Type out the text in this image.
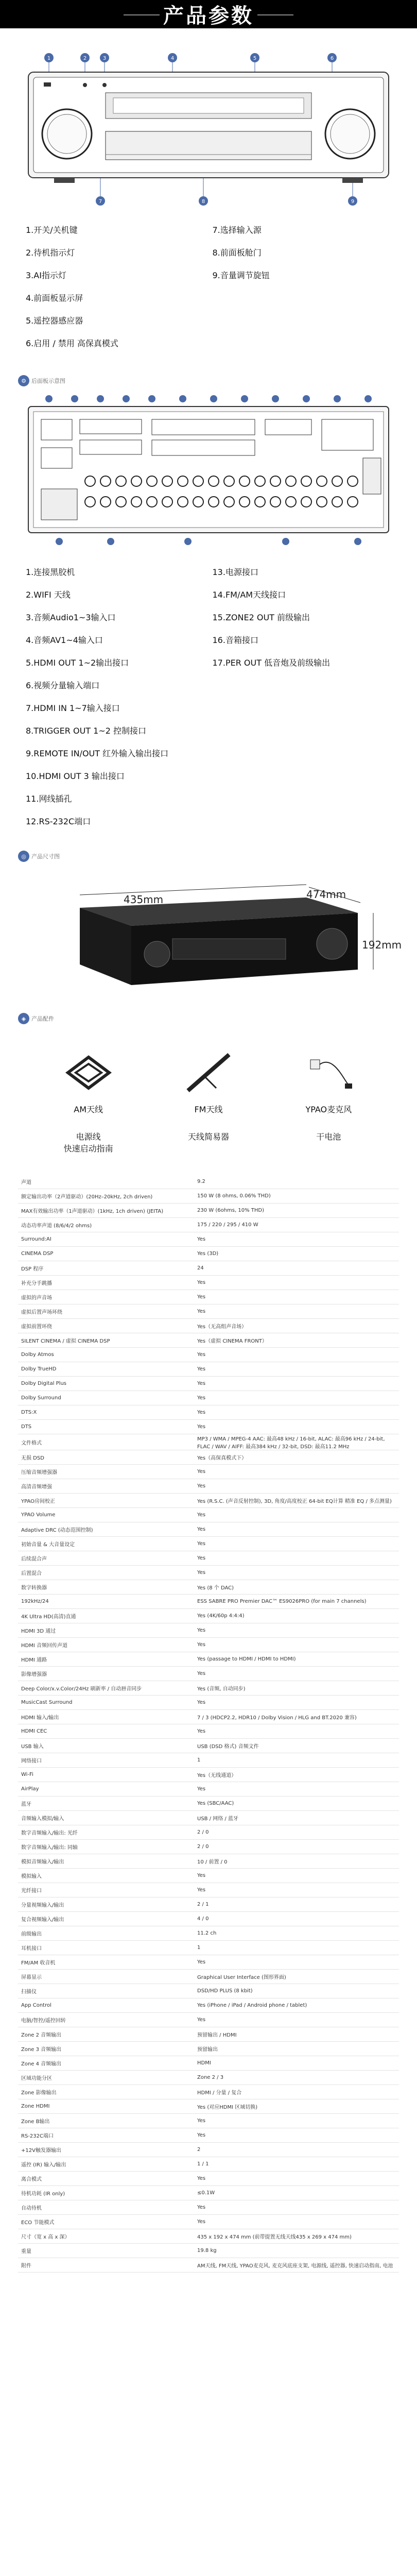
产品参数
1	2	3	4	5	6
7	8	9
1.开关/关机键
2.待机指示灯
3.AI指示灯
4.前面板显示屏
5.遥控器感应器
6.启用 / 禁用 高保真模式
7.选择输入源
8.前面板舱门
9.音量调节旋钮
⚙ 后面板示意图
1.连接黑胶机
2.WIFI 天线
3.音频Audio1~3输入口
4.音频AV1~4输入口
5.HDMI OUT 1~2输出接口
6.视频分量输入端口
7.HDMI IN 1~7输入接口
8.TRIGGER OUT 1~2 控制接口
9.REMOTE IN/OUT 红外输入输出接口
10.HDMI OUT 3 输出接口
11.网线插孔
12.RS-232C端口
13.电源接口
14.FM/AM天线接口
15.ZONE2 OUT 前级输出
16.音箱接口
17.PER OUT 低音炮及前级输出
◎ 产品尺寸图
435mm	474mm
192mm
◈ 产品配件
AM天线
电源线
快速启动指南
FM天线
天线简易器
YPAO麦克风
干电池
声道	9.2
额定输出功率（2声道驱动）(20Hz–20kHz, 2ch driven)	150 W (8 ohms, 0.06% THD)
MAX有效输出功率（1声道驱动）(1kHz, 1ch driven) (JEITA)	230 W (6ohms, 10% THD)
动态功率声道 (8/6/4/2 ohms)	175 / 220 / 295 / 410 W
Surround:AI	Yes
CINEMA DSP	Yes (3D)
DSP 程序	24
补充分手跳播	Yes
虚拟的声音场	Yes
虚拟后置声场环绕	Yes
虚拟前置环绕	Yes（无高组声音场）
SILENT CINEMA / 虚拟 CINEMA DSP	Yes（虚拟 CINEMA FRONT）
Dolby Atmos	Yes
Dolby TrueHD	Yes
Dolby Digital Plus	Yes
Dolby Surround	Yes
DTS:X	Yes
DTS	Yes
文件格式	MP3 / WMA / MPEG-4 AAC: 最高48 kHz / 16-bit, ALAC: 最高96 kHz / 24-bit, FLAC / WAV / AIFF: 最高384 kHz / 32-bit, DSD: 最高11.2 MHz
无损 DSD	Yes（高保真模式下）
压缩音频增强器	Yes
高清音频增强	Yes
YPAO房间校正	Yes (R.S.C. (声音反射控制), 3D, 角度/高度校正 64-bit EQ计算 精准 EQ / 多点测量)
YPAO Volume	Yes
Adaptive DRC (动态范围控制)	Yes
初始音量 & 大音量设定	Yes
后续混合声	Yes
后置混合	Yes
数字转换器	Yes (8 个 DAC)
192kHz/24	ESS SABRE PRO Premier DAC™ ES9026PRO (for main 7 channels)
4K Ultra HD(高清)直通	Yes (4K/60p 4:4:4)
HDMI 3D 通过	Yes
HDMI 音频回传声道	Yes
HDMI 通路	Yes (passage to HDMI / HDMI to HDMI)
影像增强器	Yes
Deep Color/x.v.Color/24Hz 刷新率 / 自动唇音同步	Yes (音频, 自动同步)
MusicCast Surround	Yes
HDMI 输入/输出	7 / 3 (HDCP2.2, HDR10 / Dolby Vision / HLG and BT.2020 兼容)
HDMI CEC	Yes
USB 输入	USB (DSD 格式) 音频文件
网络接口	1
Wi-Fi	Yes（无线通道）
AirPlay	Yes
蓝牙	Yes (SBC/AAC)
音频输入模拟/输入	USB / 网络 / 蓝牙
数字音频输入/输出: 光纤	2 / 0
数字音频输入/输出: 同轴	2 / 0
模拟音频输入/输出	10 / 前置 / 0
模拟输入	Yes
光纤接口	Yes
分量视频输入/输出	2 / 1
复合视频输入/输出	4 / 0
前级输出	11.2 ch
耳机接口	1
FM/AM 收音机	Yes
屏幕显示	Graphical User Interface (图形界面)
扫描仪	DSD/HD PLUS (8 kbit)
App Control	Yes (iPhone / iPad / Android phone / tablet)
电脑/智控/遥控回转	Yes
Zone 2 音频输出	预留输出 / HDMI
Zone 3 音频输出	预留输出
Zone 4 音频输出	HDMI
区域功能分区	Zone 2 / 3
Zone 影像输出	HDMI / 分量 / 复合
Zone HDMI	Yes (对应HDMI 区域切换)
Zone B输出	Yes
RS-232C端口	Yes
+12V触发器输出	2
遥控 (IR) 输入/输出	1 / 1
离合模式	Yes
待机功耗 (IR only)	≤0.1W
自动待机	Yes
ECO 节能模式	Yes
尺寸（宽 x 高 x 深）	435 x 192 x 474 mm (前带提置无线天线435 x 269 x 474 mm)
重量	19.8 kg
附件	AM天线, FM天线, YPAO麦克风, 麦克风底座支架, 电源线, 遥控器, 快速启动指南, 电池
